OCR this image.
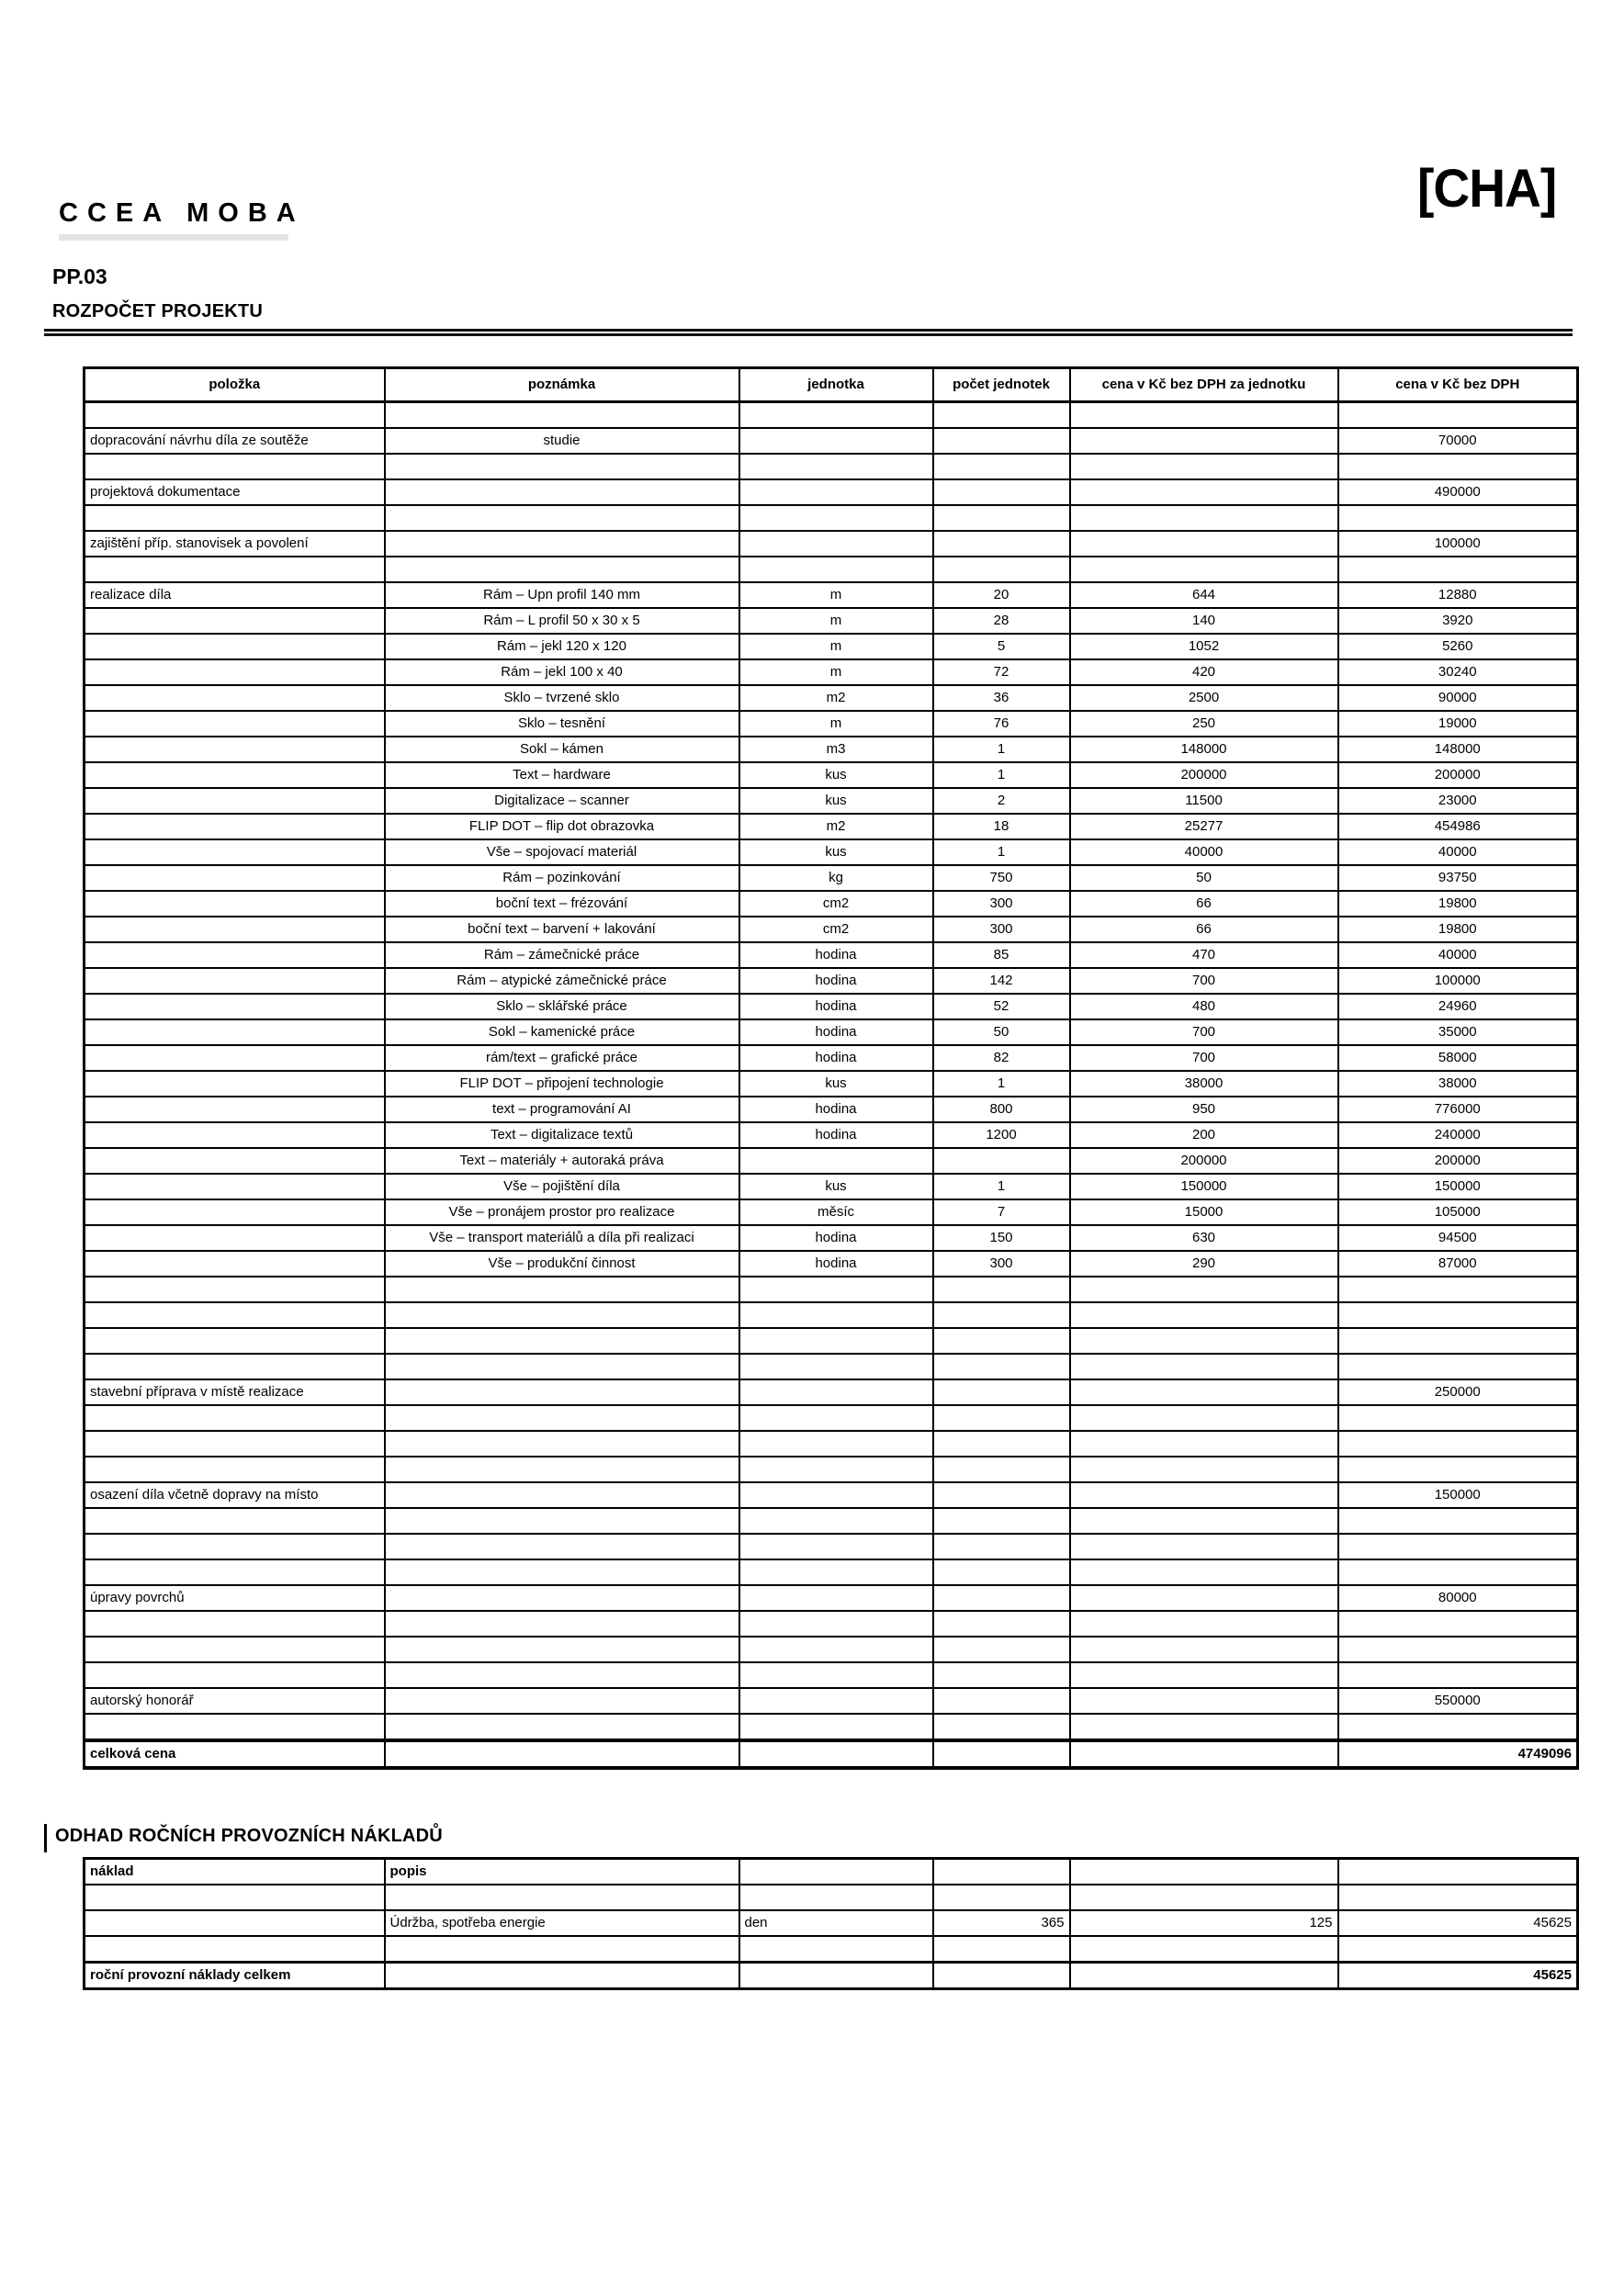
CCEA MOBA	[CHA]
PP.03
ROZPOČET PROJEKTU
položka	poznámka	jednotka	počet jednotek	cena v Kč bez DPH za jednotku	cena v Kč bez DPH

dopracování návrhu díla ze soutěže	studie				70000

projektová dokumentace					490000

zajištění příp. stanovisek a povolení					100000

realizace díla	Rám – Upn profil 140 mm	m	20	644	12880
	Rám – L profil 50 x 30 x 5	m	28	140	3920
	Rám – jekl 120 x 120	m	5	1052	5260
	Rám – jekl 100 x 40	m	72	420	30240
	Sklo – tvrzené sklo	m2	36	2500	90000
	Sklo – tesnění	m	76	250	19000
	Sokl – kámen	m3	1	148000	148000
	Text – hardware	kus	1	200000	200000
	Digitalizace – scanner	kus	2	11500	23000
	FLIP DOT – flip dot obrazovka	m2	18	25277	454986
	Vše – spojovací materiál	kus	1	40000	40000
	Rám – pozinkování	kg	750	50	93750
	boční text – frézování	cm2	300	66	19800
	boční text – barvení + lakování	cm2	300	66	19800
	Rám – zámečnické práce	hodina	85	470	40000
	Rám – atypické zámečnické práce	hodina	142	700	100000
	Sklo – sklářské práce	hodina	52	480	24960
	Sokl – kamenické práce	hodina	50	700	35000
	rám/text – grafické práce	hodina	82	700	58000
	FLIP DOT – připojení technologie	kus	1	38000	38000
	text – programování AI	hodina	800	950	776000
	Text – digitalizace textů	hodina	1200	200	240000
	Text – materiály + autoraká práva			200000	200000
	Vše – pojištění díla	kus	1	150000	150000
	Vše – pronájem prostor pro realizace	měsíc	7	15000	105000
	Vše – transport materiálů a díla při realizaci	hodina	150	630	94500
	Vše – produkční činnost	hodina	300	290	87000

stavební příprava v místě realizace					250000

osazení díla včetně dopravy na místo					150000

úpravy povrchů					80000

autorský honorář					550000

celková cena					4749096
ODHAD ROČNÍCH PROVOZNÍCH NÁKLADŮ
náklad	popis				

	Údržba, spotřeba energie	den	365	125	45625

roční provozní náklady celkem					45625
